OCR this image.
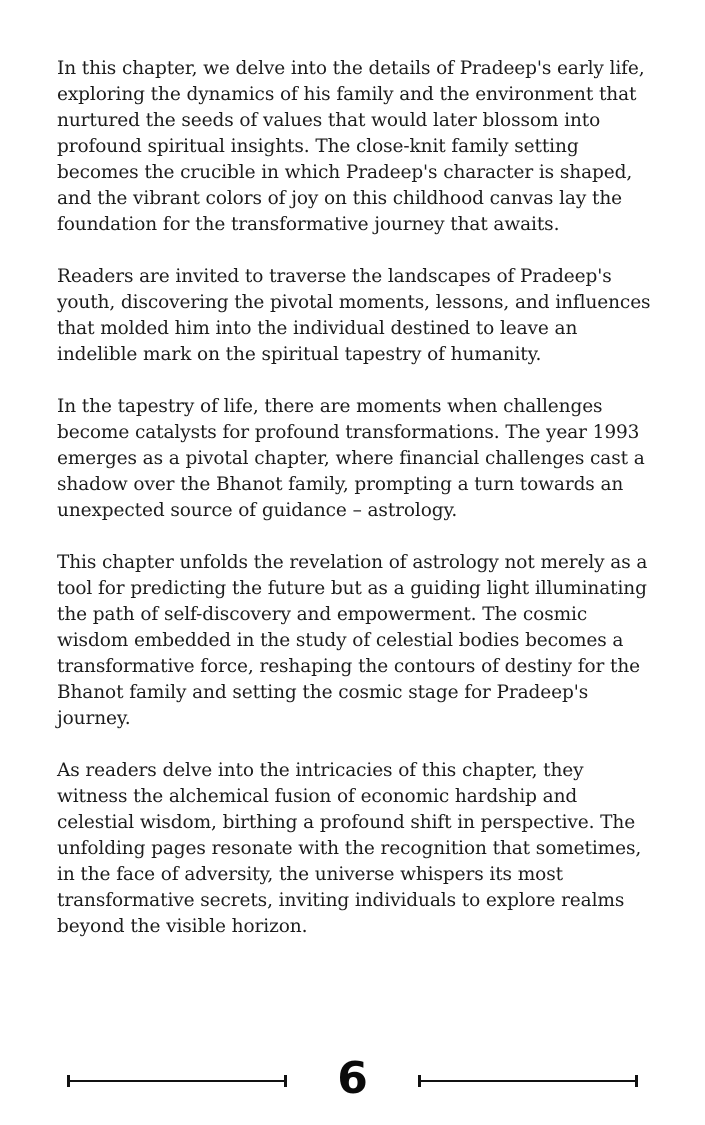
In this chapter, we delve into the details of Pradeep's early life, exploring the dynamics of his family and the environment that nurtured the seeds of values that would later blossom into profound spiritual insights. The close-knit family setting becomes the crucible in which Pradeep's character is shaped, and the vibrant colors of joy on this childhood canvas lay the foundation for the transformative journey that awaits.

Readers are invited to traverse the landscapes of Pradeep's youth, discovering the pivotal moments, lessons, and influences that molded him into the individual destined to leave an indelible mark on the spiritual tapestry of humanity.

In the tapestry of life, there are moments when challenges become catalysts for profound transformations. The year 1993 emerges as a pivotal chapter, where financial challenges cast a shadow over the Bhanot family, prompting a turn towards an unexpected source of guidance – astrology.

This chapter unfolds the revelation of astrology not merely as a tool for predicting the future but as a guiding light illuminating the path of self-discovery and empowerment. The cosmic wisdom embedded in the study of celestial bodies becomes a transformative force, reshaping the contours of destiny for the Bhanot family and setting the cosmic stage for Pradeep's journey.

As readers delve into the intricacies of this chapter, they witness the alchemical fusion of economic hardship and celestial wisdom, birthing a profound shift in perspective. The unfolding pages resonate with the recognition that sometimes, in the face of adversity, the universe whispers its most transformative secrets, inviting individuals to explore realms beyond the visible horizon.

6
